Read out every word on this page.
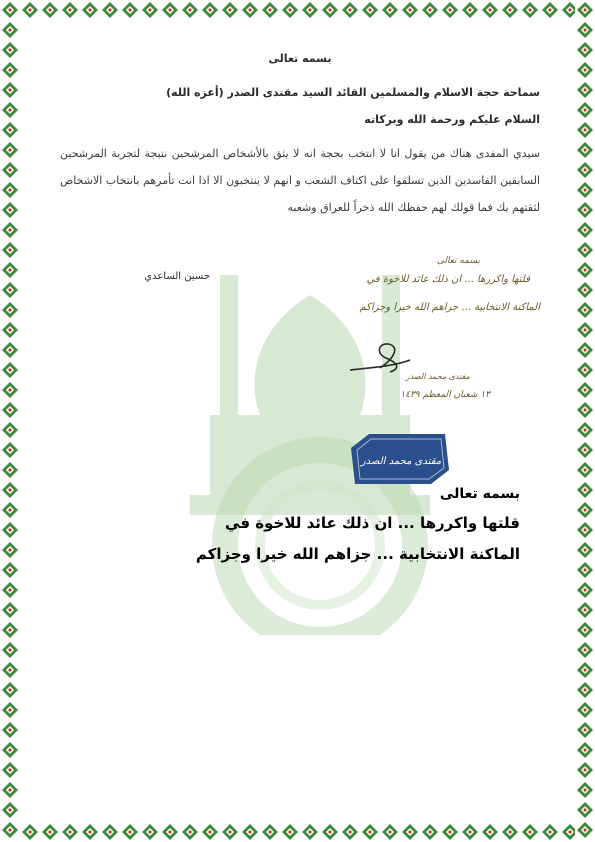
بسمه تعالى
سماحة حجة الاسلام والمسلمين القائد السيد مقتدى الصدر (أعزه الله)
السلام عليكم ورحمة الله وبركاته
سيدي المفدى هناك من يقول انا لا انتخب بحجة انه لا يثق بالأشخاص المرشحين نتيجة لتجربة المرشحين السابقين الفاسدين الذين تسلقوا على اكتاف الشعب و انهم لا ينتخبون الا اذا انت تأمرهم بانتخاب الاشخاص لثقتهم بك فما قولك لهم حفظك الله ذخراً للعراق وشعبه
حسين الساعدي
بسمه تعالى
قلتها واكررها ... ان ذلك عائد للاخوة في
الماكنة الانتخابية ... جزاهم الله خيرا وجزاكم
مقتدى محمد الصدر
١٣ شعبان المعظم ١٤٣٩
مقتدى محمد الصدر
بسمه تعالى
قلتها واكررها ... ان ذلك عائد للاخوة في
الماكنة الانتخابية ... جزاهم الله خيرا وجزاكم
